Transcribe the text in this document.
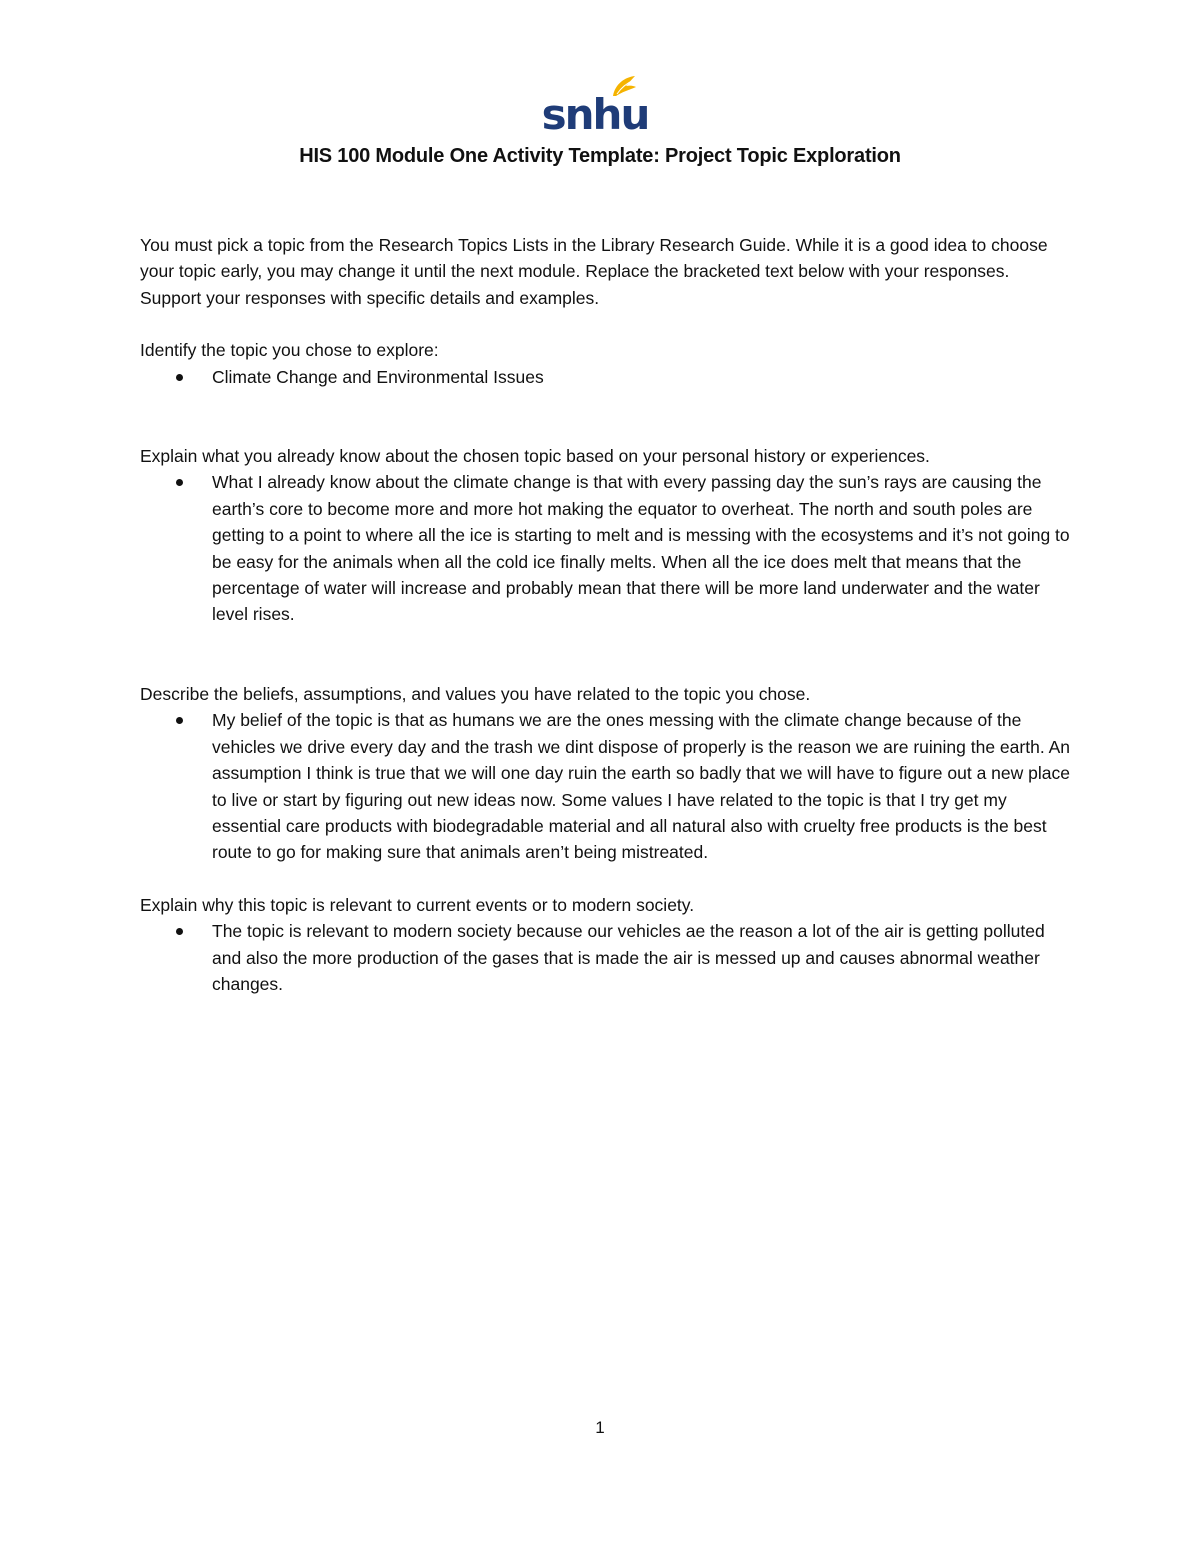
snhu
HIS 100 Module One Activity Template: Project Topic Exploration

You must pick a topic from the Research Topics Lists in the Library Research Guide. While it is a good idea to choose your topic early, you may change it until the next module. Replace the bracketed text below with your responses. Support your responses with specific details and examples.

Identify the topic you chose to explore:

Climate Change and Environmental Issues

Explain what you already know about the chosen topic based on your personal history or experiences.

What I already know about the climate change is that with every passing day the sun’s rays are causing the earth’s core to become more and more hot making the equator to overheat. The north and south poles are getting to a point to where all the ice is starting to melt and is messing with the ecosystems and it’s not going to be easy for the animals when all the cold ice finally melts. When all the ice does melt that means that the percentage of water will increase and probably mean that there will be more land underwater and the water level rises.

Describe the beliefs, assumptions, and values you have related to the topic you chose.

My belief of the topic is that as humans we are the ones messing with the climate change because of the vehicles we drive every day and the trash we dint dispose of properly is the reason we are ruining the earth. An assumption I think is true that we will one day ruin the earth so badly that we will have to figure out a new place to live or start by figuring out new ideas now. Some values I have related to the topic is that I try get my essential care products with biodegradable material and all natural also with cruelty free products is the best route to go for making sure that animals aren’t being mistreated.

Explain why this topic is relevant to current events or to modern society.

The topic is relevant to modern society because our vehicles ae the reason a lot of the air is getting polluted and also the more production of the gases that is made the air is messed up and causes abnormal weather changes.
1
